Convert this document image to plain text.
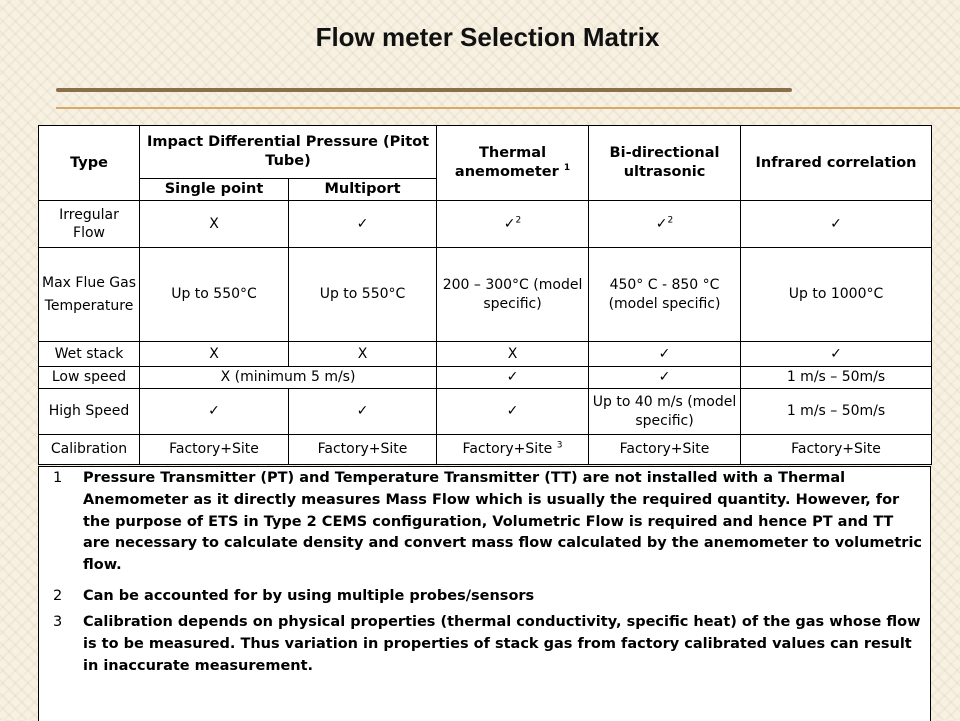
Flow meter Selection Matrix
Type	Impact Differential Pressure (Pitot Tube)		Thermal anemometer $^1$	Bi-directional ultrasonic	Infrared correlation
	Single point	Multiport			
Irregular Flow	X	✓	✓$^2$	✓$^2$	✓
Max Flue Gas Temperature	Up to 550°C	Up to 550°C	200 – 300°C (model specific)	450° C - 850 °C (model specific)	Up to 1000°C
Wet stack	X	X	X	✓	✓
Low speed	X (minimum 5 m/s)		✓	✓	1 m/s – 50m/s
High Speed	✓	✓	✓	Up to 40 m/s (model specific)	1 m/s – 50m/s
Calibration	Factory+Site	Factory+Site	Factory+Site $^3$	Factory+Site	Factory+Site
1 Pressure Transmitter (PT) and Temperature Transmitter (TT) are not installed with a Thermal Anemometer as it directly measures Mass Flow which is usually the required quantity. However, for the purpose of ETS in Type 2 CEMS configuration, Volumetric Flow is required and hence PT and TT are necessary to calculate density and convert mass flow calculated by the anemometer to volumetric flow.
2 Can be accounted for by using multiple probes/sensors
3 Calibration depends on physical properties (thermal conductivity, specific heat) of the gas whose flow is to be measured. Thus variation in properties of stack gas from factory calibrated values can result in inaccurate measurement.
